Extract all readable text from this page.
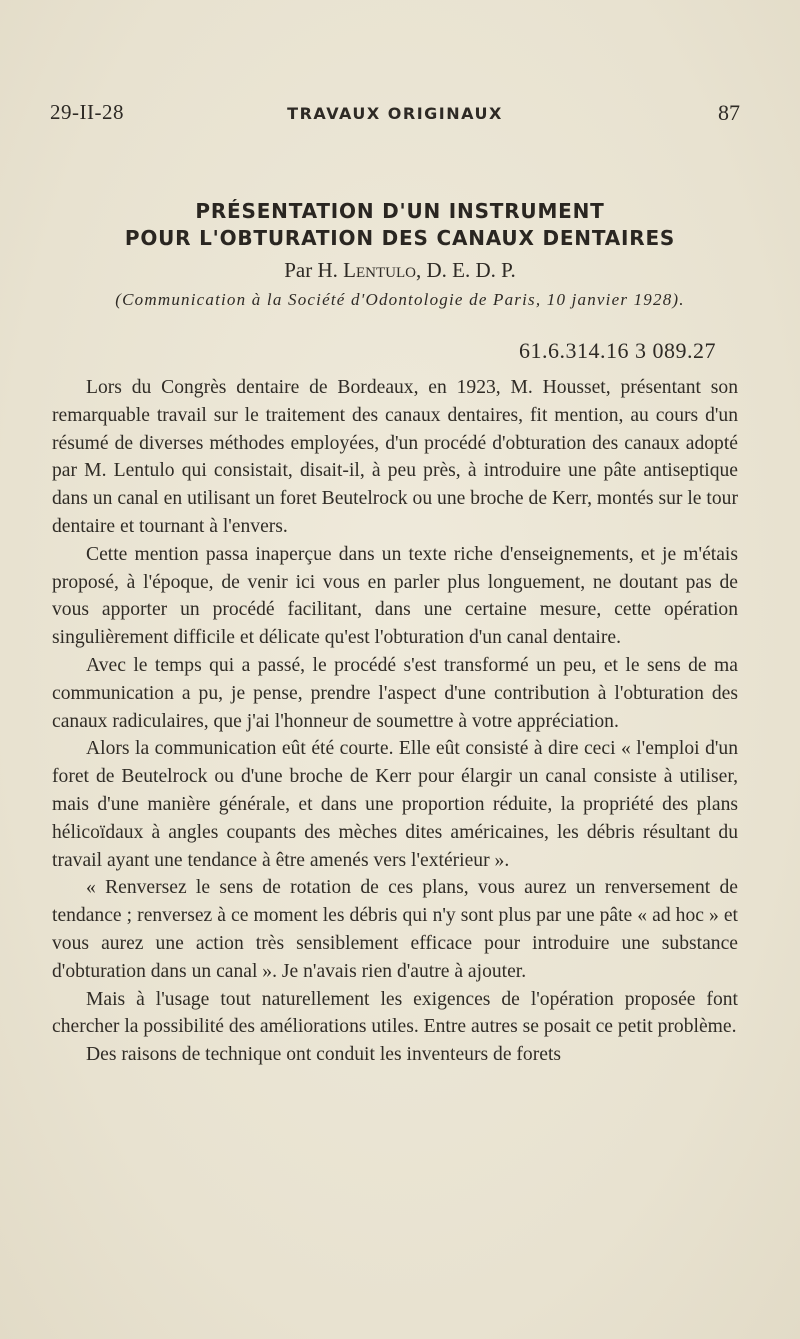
29-II-28	TRAVAUX ORIGINAUX	87
PRÉSENTATION D'UN INSTRUMENT
POUR L'OBTURATION DES CANAUX DENTAIRES
Par H. Lentulo, D. E. D. P.
(Communication à la Société d'Odontologie de Paris, 10 janvier 1928).
61.6.314.16 3 089.27

Lors du Congrès dentaire de Bordeaux, en 1923, M. Housset, présentant son remarquable travail sur le traitement des canaux dentaires, fit mention, au cours d'un résumé de diverses méthodes employées, d'un procédé d'obturation des canaux adopté par M. Lentulo qui consistait, disait-il, à peu près, à introduire une pâte antiseptique dans un canal en utilisant un foret Beutelrock ou une broche de Kerr, montés sur le tour dentaire et tournant à l'envers.

Cette mention passa inaperçue dans un texte riche d'enseignements, et je m'étais proposé, à l'époque, de venir ici vous en parler plus longuement, ne doutant pas de vous apporter un procédé facilitant, dans une certaine mesure, cette opération singulièrement difficile et délicate qu'est l'obturation d'un canal dentaire.

Avec le temps qui a passé, le procédé s'est transformé un peu, et le sens de ma communication a pu, je pense, prendre l'aspect d'une contribution à l'obturation des canaux radiculaires, que j'ai l'honneur de soumettre à votre appréciation.

Alors la communication eût été courte. Elle eût consisté à dire ceci « l'emploi d'un foret de Beutelrock ou d'une broche de Kerr pour élargir un canal consiste à utiliser, mais d'une manière générale, et dans une proportion réduite, la propriété des plans hélicoïdaux à angles coupants des mèches dites américaines, les débris résultant du travail ayant une tendance à être amenés vers l'extérieur ».

« Renversez le sens de rotation de ces plans, vous aurez un renversement de tendance ; renversez à ce moment les débris qui n'y sont plus par une pâte « ad hoc » et vous aurez une action très sensiblement efficace pour introduire une substance d'obturation dans un canal ». Je n'avais rien d'autre à ajouter.

Mais à l'usage tout naturellement les exigences de l'opération proposée font chercher la possibilité des améliorations utiles. Entre autres se posait ce petit problème.

Des raisons de technique ont conduit les inventeurs de forets
